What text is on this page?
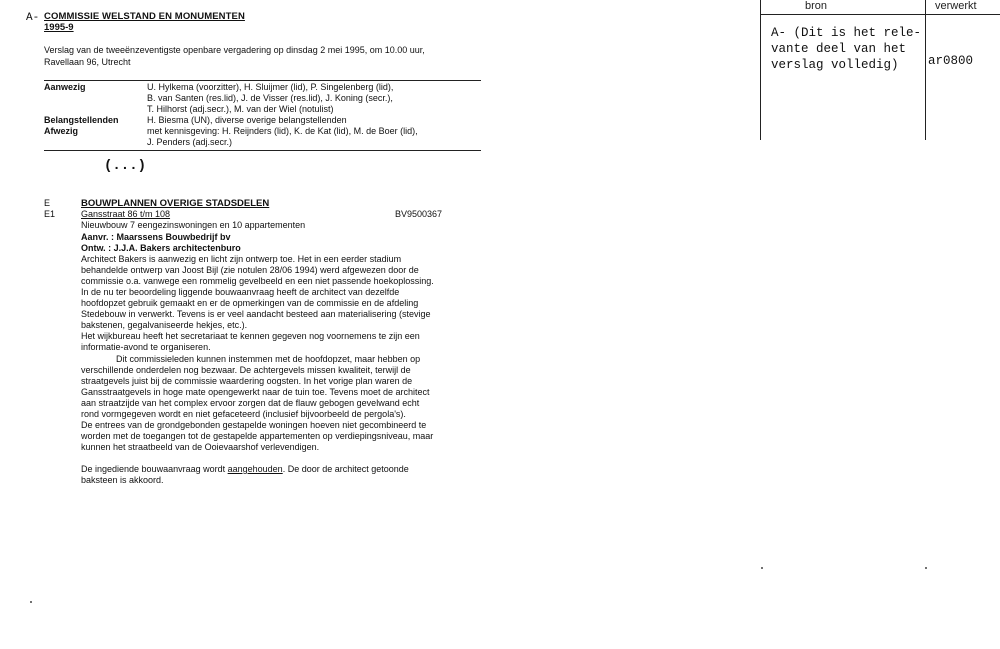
A- COMMISSIE WELSTAND EN MONUMENTEN
1995-9
Verslag van de tweeënzeventigste openbare vergadering op dinsdag 2 mei 1995, om 10.00 uur,
Ravellaan 96, Utrecht
Aanwezig	U. Hylkema (voorzitter), H. Sluijmer (lid), P. Singelenberg (lid),
B. van Santen (res.lid), J. de Visser (res.lid), J. Koning (secr.),
T. Hilhorst (adj.secr.), M. van der Wiel (notulist)
Belangstellenden	H. Biesma (UN), diverse overige belangstellenden
Afwezig	met kennisgeving: H. Reijnders (lid), K. de Kat (lid), M. de Boer (lid),
J. Penders (adj.secr.)
(...)
E	BOUWPLANNEN OVERIGE STADSDELEN
E1	Gansstraat 86 t/m 108	BV9500367
Nieuwbouw 7 eengezinswoningen en 10 appartementen
Aanvr. : Maarssens Bouwbedrijf bv
Ontw. : J.J.A. Bakers architectenburo
Architect Bakers is aanwezig en licht zijn ontwerp toe. Het in een eerder stadium
behandelde ontwerp van Joost Bijl (zie notulen 28/06 1994) werd afgewezen door de
commissie o.a. vanwege een rommelig gevelbeeld en een niet passende hoekoplossing.
In de nu ter beoordeling liggende bouwaanvraag heeft de architect van dezelfde
hoofdopzet gebruik gemaakt en er de opmerkingen van de commissie en de afdeling
Stedebouw in verwerkt. Tevens is er veel aandacht besteed aan materialisering (stevige
bakstenen, gegalvaniseerde hekjes, etc.).
Het wijkbureau heeft het secretariaat te kennen gegeven nog voornemens te zijn een
informatie-avond te organiseren.
Dit commissieleden kunnen instemmen met de hoofdopzet, maar hebben op
verschillende onderdelen nog bezwaar. De achtergevels missen kwaliteit, terwijl de
straatgevels juist bij de commissie waardering oogsten. In het vorige plan waren de
Gansstraatgevels in hoge mate opengewerkt naar de tuin toe. Tevens moet de architect
aan straatzijde van het complex ervoor zorgen dat de flauw gebogen gevelwand echt
rond vormgegeven wordt en niet gefaceteerd (inclusief bijvoorbeeld de pergola's).
De entrees van de grondgebonden gestapelde woningen hoeven niet gecombineerd te
worden met de toegangen tot de gestapelde appartementen op verdiepingsniveau, maar
kunnen het straatbeeld van de Ooievaarshof verlevendigen.
De ingediende bouwaanvraag wordt aangehouden. De door de architect getoonde
baksteen is akkoord.
bron	verwerkt
A- (Dit is het rele-
vante deel van het
verslag volledig)	ar0800
